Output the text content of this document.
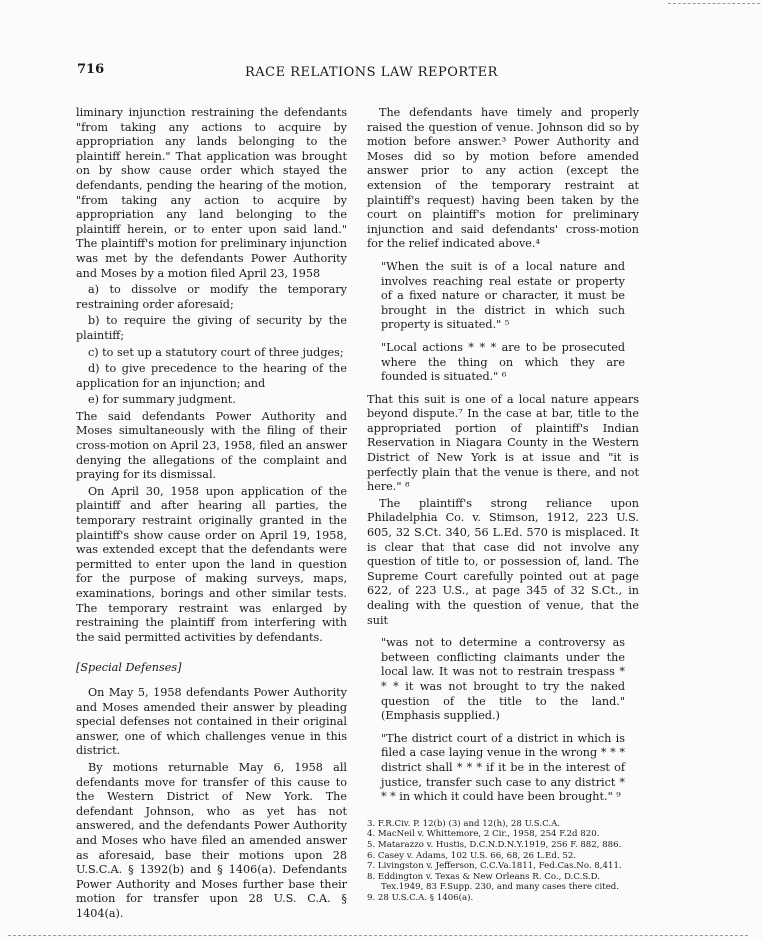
716	RACE RELATIONS LAW REPORTER

liminary injunction restraining the defendants "from taking any actions to acquire by appropriation any lands belonging to the plaintiff herein." That application was brought on by show cause order which stayed the defendants, pending the hearing of the motion, "from taking any action to acquire by appropriation any land belonging to the plaintiff herein, or to enter upon said land." The plaintiff's motion for preliminary injunction was met by the defendants Power Authority and Moses by a motion filed April 23, 1958

a) to dissolve or modify the temporary restraining order aforesaid;

b) to require the giving of security by the plaintiff;

c) to set up a statutory court of three judges;

d) to give precedence to the hearing of the application for an injunction; and

e) for summary judgment.

The said defendants Power Authority and Moses simultaneously with the filing of their cross-motion on April 23, 1958, filed an answer denying the allegations of the complaint and praying for its dismissal.

On April 30, 1958 upon application of the plaintiff and after hearing all parties, the temporary restraint originally granted in the plaintiff's show cause order on April 19, 1958, was extended except that the defendants were permitted to enter upon the land in question for the purpose of making surveys, maps, examinations, borings and other similar tests. The temporary restraint was enlarged by restraining the plaintiff from interfering with the said permitted activities by defendants.

[Special Defenses]

On May 5, 1958 defendants Power Authority and Moses amended their answer by pleading special defenses not contained in their original answer, one of which challenges venue in this district.

By motions returnable May 6, 1958 all defendants move for transfer of this cause to the Western District of New York. The defendant Johnson, who as yet has not answered, and the defendants Power Authority and Moses who have filed an amended answer as aforesaid, base their motions upon 28 U.S.C.A. § 1392(b) and § 1406(a). Defendants Power Authority and Moses further base their motion for transfer upon 28 U.S. C.A. § 1404(a).

The defendants have timely and properly raised the question of venue. Johnson did so by motion before answer.³ Power Authority and Moses did so by motion before amended answer prior to any action (except the extension of the temporary restraint at plaintiff's request) having been taken by the court on plaintiff's motion for preliminary injunction and said defendants' cross-motion for the relief indicated above.⁴

"When the suit is of a local nature and involves reaching real estate or property of a fixed nature or character, it must be brought in the district in which such property is situated." ⁵

"Local actions * * * are to be prosecuted where the thing on which they are founded is situated." ⁶

That this suit is one of a local nature appears beyond dispute.⁷ In the case at bar, title to the appropriated portion of plaintiff's Indian Reservation in Niagara County in the Western District of New York is at issue and "it is perfectly plain that the venue is there, and not here." ⁸

The plaintiff's strong reliance upon Philadelphia Co. v. Stimson, 1912, 223 U.S. 605, 32 S.Ct. 340, 56 L.Ed. 570 is misplaced. It is clear that that case did not involve any question of title to, or possession of, land. The Supreme Court carefully pointed out at page 622, of 223 U.S., at page 345 of 32 S.Ct., in dealing with the question of venue, that the suit

"was not to determine a controversy as between conflicting claimants under the local law. It was not to restrain trespass * * * it was not brought to try the naked question of the title to the land." (Emphasis supplied.)

"The district court of a district in which is filed a case laying venue in the wrong * * * district shall * * * if it be in the interest of justice, transfer such case to any district * * * in which it could have been brought." ⁹

3. F.R.Civ. P. 12(b) (3) and 12(h), 28 U.S.C.A.

4. MacNeil v. Whittemore, 2 Cir., 1958, 254 F.2d 820.

5. Matarazzo v. Hustis, D.C.N.D.N.Y.1919, 256 F. 882, 886.

6. Casey v. Adams, 102 U.S. 66, 68, 26 L.Ed. 52.

7. Livingston v. Jefferson, C.C.Va.1811, Fed.Cas.No. 8,411.

8. Eddington v. Texas & New Orleans R. Co., D.C.S.D. Tex.1949, 83 F.Supp. 230, and many cases there cited.

9. 28 U.S.C.A. § 1406(a).
